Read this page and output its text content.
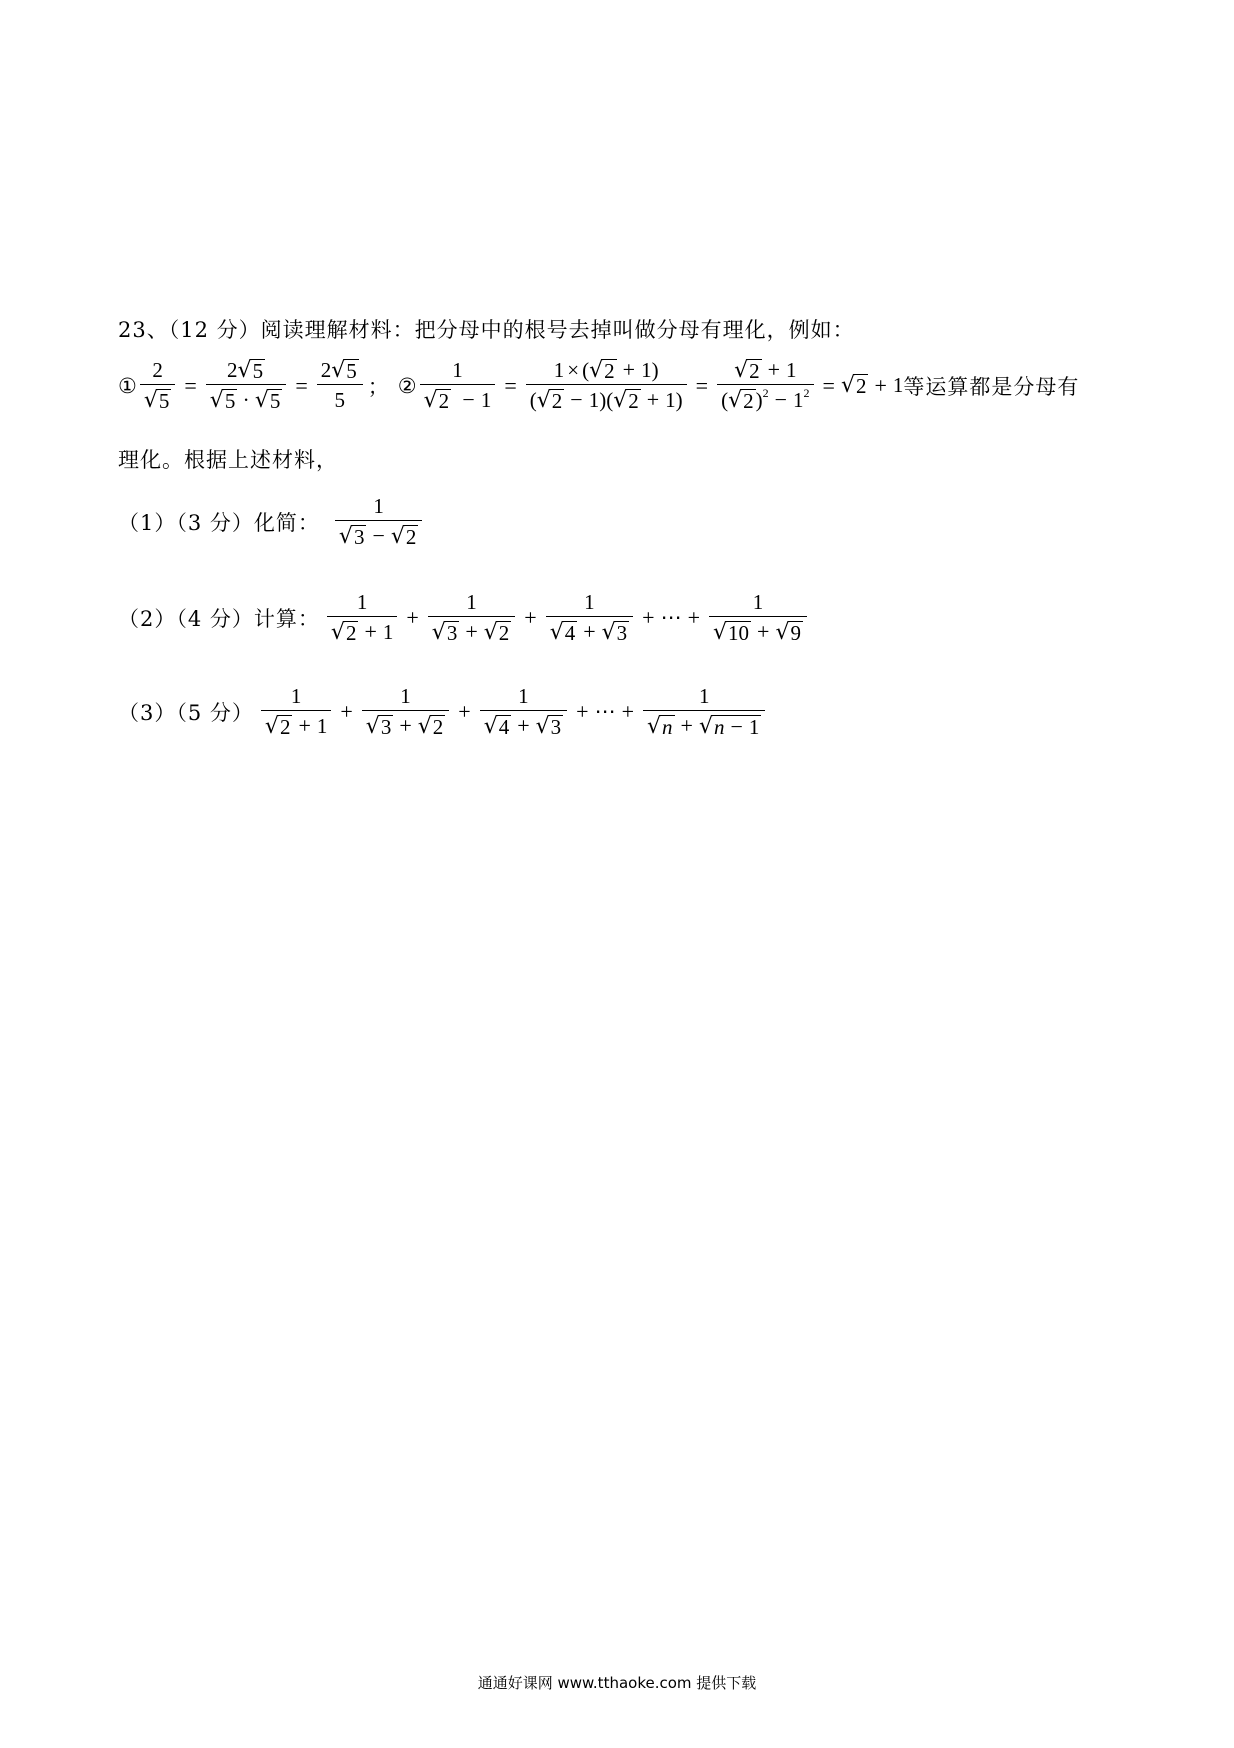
23、（12 分）阅读理解材料：把分母中的根号去掉叫做分母有理化，例如：
① $\frac{2}{√ 5} = \frac{2 √ 5}{√ 5 \cdot √ 5} = \frac{2 √ 5}{5}$ ； ② $\frac{1}{√ 2 - 1} = \frac{1 \times ( √ 2 + 1)}{( √ 2 - 1)( √ 2 + 1)} = \frac{√ 2 + 1}{( √ 2 )^2 - 1^2}$ = √ 2 + 1 等运算都是分母有
理化。根据上述材料，
（1）（3 分）化简： $\frac{1}{√ 3 - √ 2}$
（2）（4 分）计算： $\frac{1}{√ 2 + 1} + \frac{1}{√ 3 + √ 2} + \frac{1}{√ 4 + √ 3}$ + ⋯ + $\frac{1}{√ 10 + √ 9}$
（3）（5 分） $\frac{1}{√ 2 + 1} + \frac{1}{√ 3 + √ 2} + \frac{1}{√ 4 + √ 3}$ + ⋯ + $\frac{1}{√ n + √ n - 1}$
通通好课网 www.tthaoke.com 提供下载
